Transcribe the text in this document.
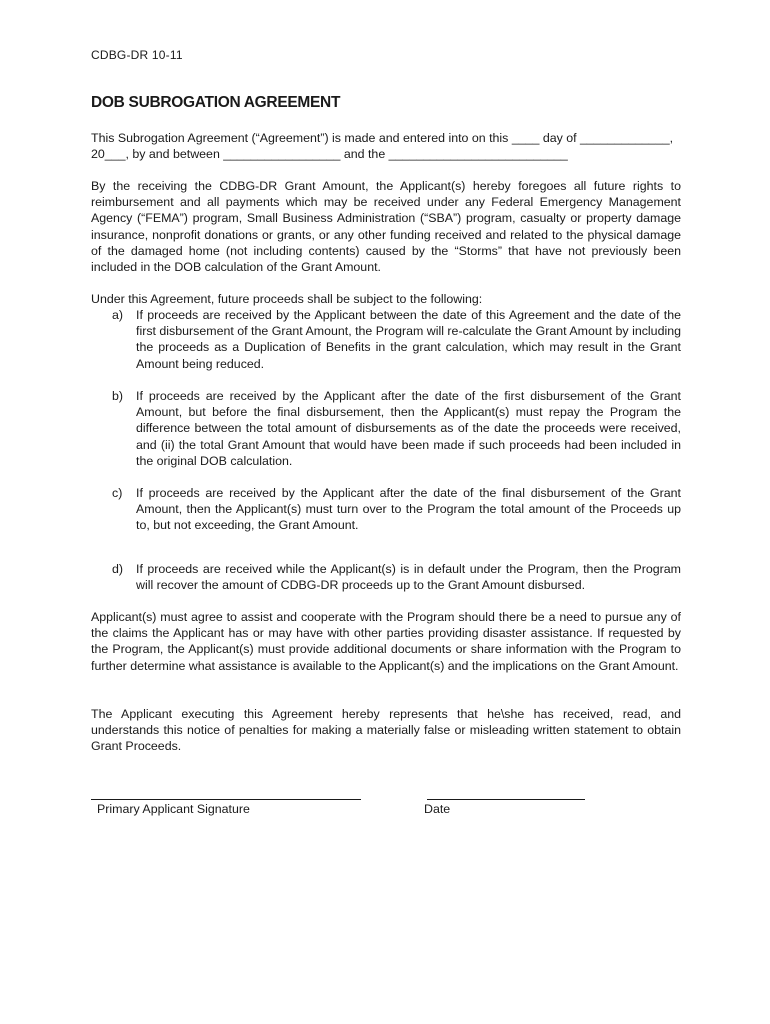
CDBG-DR 10-11
DOB SUBROGATION AGREEMENT

This Subrogation Agreement (“Agreement”) is made and entered into on this ____ day of _____________, 20___, by and between _________________ and the __________________________

By the receiving the CDBG-DR Grant Amount, the Applicant(s) hereby foregoes all future rights to reimbursement and all payments which may be received under any Federal Emergency Management Agency (“FEMA”) program, Small Business Administration (“SBA”) program, casualty or property damage insurance, nonprofit donations or grants, or any other funding received and related to the physical damage of the damaged home (not including contents) caused by the “Storms” that have not previously been included in the DOB calculation of the Grant Amount.

Under this Agreement, future proceeds shall be subject to the following:

a)	If proceeds are received by the Applicant between the date of this Agreement and the date of the first disbursement of the Grant Amount, the Program will re-calculate the Grant Amount by including the proceeds as a Duplication of Benefits in the grant calculation, which may result in the Grant Amount being reduced.
b)	If proceeds are received by the Applicant after the date of the first disbursement of the Grant Amount, but before the final disbursement, then the Applicant(s) must repay the Program the difference between the total amount of disbursements as of the date the proceeds were received, and (ii) the total Grant Amount that would have been made if such proceeds had been included in the original DOB calculation.
c)	If proceeds are received by the Applicant after the date of the final disbursement of the Grant Amount, then the Applicant(s) must turn over to the Program the total amount of the Proceeds up to, but not exceeding, the Grant Amount.
d)	If proceeds are received while the Applicant(s) is in default under the Program, then the Program will recover the amount of CDBG-DR proceeds up to the Grant Amount disbursed.

Applicant(s) must agree to assist and cooperate with the Program should there be a need to pursue any of the claims the Applicant has or may have with other parties providing disaster assistance. If requested by the Program, the Applicant(s) must provide additional documents or share information with the Program to further determine what assistance is available to the Applicant(s) and the implications on the Grant Amount.

The Applicant executing this Agreement hereby represents that he\she has received, read, and understands this notice of penalties for making a materially false or misleading written statement to obtain Grant Proceeds.

Primary Applicant Signature	Date
